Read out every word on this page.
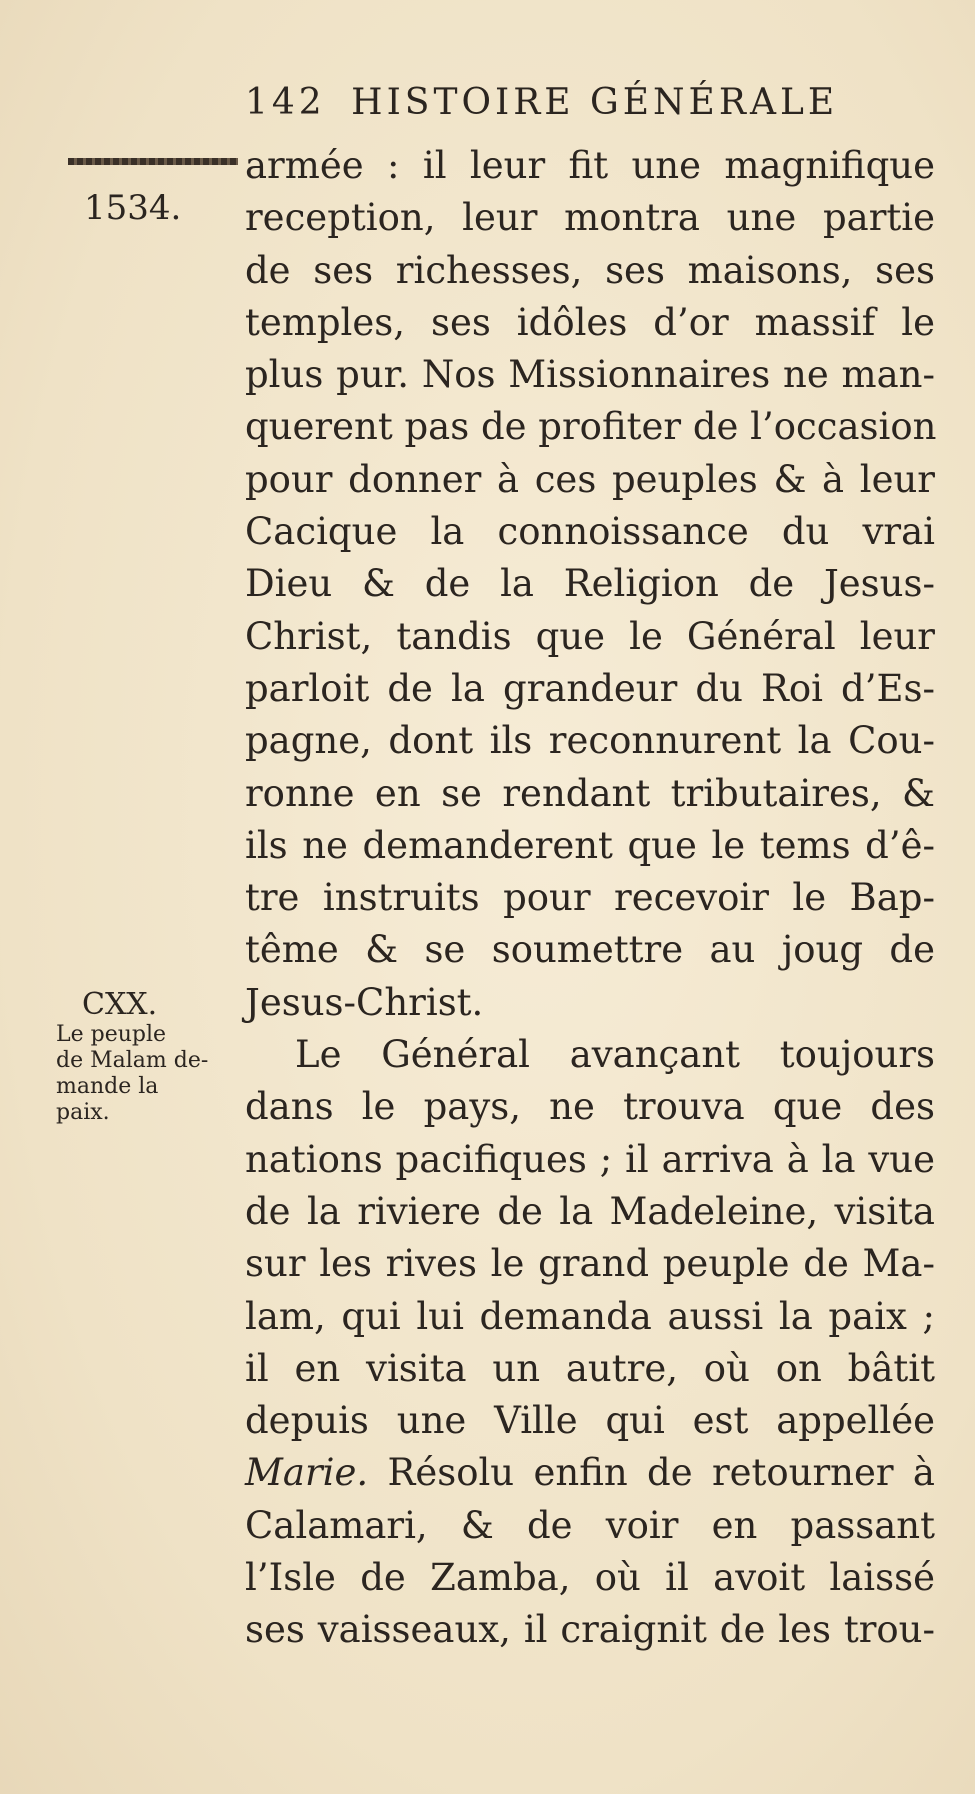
142 HISTOIRE GÉNÉRALE
1534.
CXX.
Le peuple
de Malam de-
mande la
paix.
armée : il leur fit une magnifique
reception, leur montra une partie
de ses richesses, ses maisons, ses
temples, ses idôles d’or massif le
plus pur. Nos Missionnaires ne man-
querent pas de profiter de l’occasion
pour donner à ces peuples & à leur
Cacique la connoissance du vrai
Dieu & de la Religion de Jesus-
Christ, tandis que le Général leur
parloit de la grandeur du Roi d’Es-
pagne, dont ils reconnurent la Cou-
ronne en se rendant tributaires, &
ils ne demanderent que le tems d’ê-
tre instruits pour recevoir le Bap-
tême & se soumettre au joug de
Jesus-Christ.
Le Général avançant toujours
dans le pays, ne trouva que des
nations pacifiques ; il arriva à la vue
de la riviere de la Madeleine, visita
sur les rives le grand peuple de Ma-
lam, qui lui demanda aussi la paix ;
il en visita un autre, où on bâtit
depuis une Ville qui est appellée
Marie. Résolu enfin de retourner à
Calamari, & de voir en passant
l’Isle de Zamba, où il avoit laissé
ses vaisseaux, il craignit de les trou-
